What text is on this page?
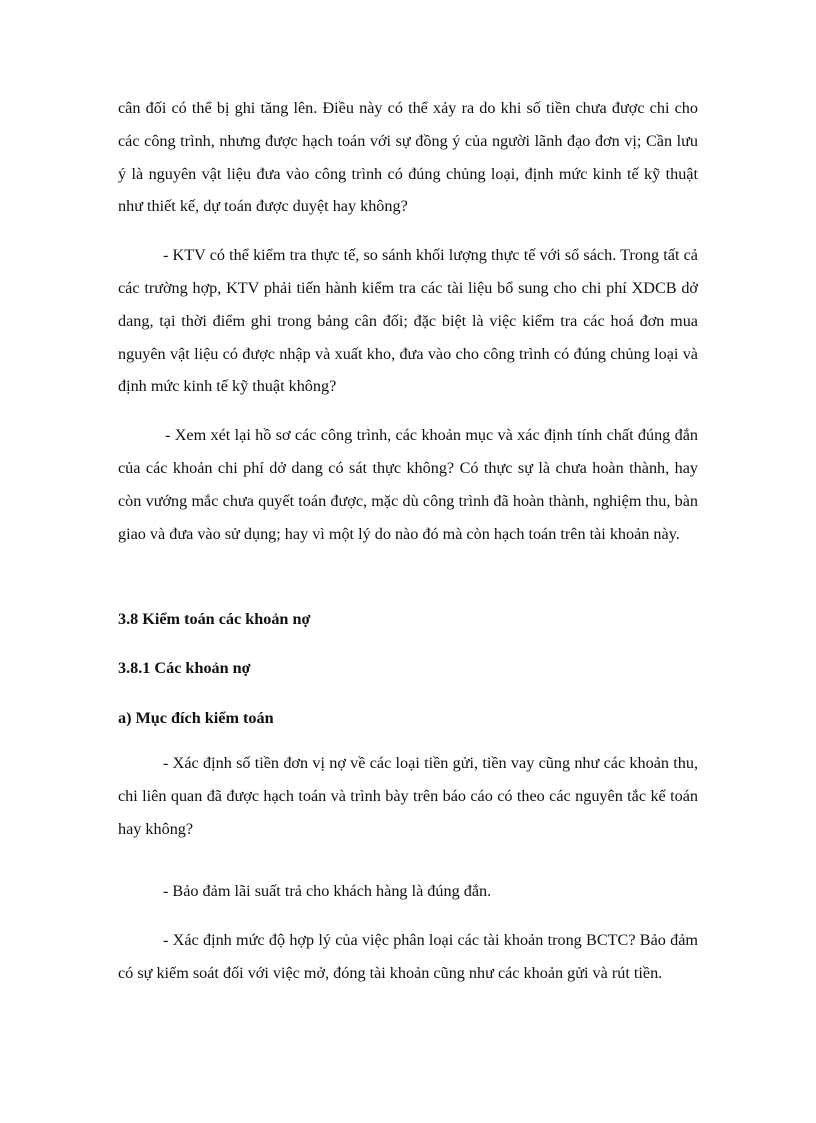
cân đối có thể bị ghi tăng lên. Điều này có thể xảy ra do khi số tiền chưa được chi cho các công trình, nhưng được hạch toán với sự đồng ý của người lãnh đạo đơn vị; Cần lưu ý là nguyên vật liệu đưa vào công trình có đúng chủng loại, định mức kinh tế kỹ thuật như thiết kế, dự toán được duyệt hay không?

- KTV có thể kiểm tra thực tế, so sánh khối lượng thực tế với sổ sách. Trong tất cả các trường hợp, KTV phải tiến hành kiểm tra các tài liệu bổ sung cho chi phí XDCB dở dang, tại thời điểm ghi trong bảng cân đối; đặc biệt là việc kiểm tra các hoá đơn mua nguyên vật liệu có được nhập và xuất kho, đưa vào cho công trình có đúng chủng loại và định mức kinh tế kỹ thuật không?

- Xem xét lại hồ sơ các công trình, các khoản mục và xác định tính chất đúng đắn của các khoản chi phí dở dang có sát thực không? Có thực sự là chưa hoàn thành, hay còn vướng mắc chưa quyết toán được, mặc dù công trình đã hoàn thành, nghiệm thu, bàn giao và đưa vào sử dụng; hay vì một lý do nào đó mà còn hạch toán trên tài khoản này.

3.8 Kiểm toán các khoản nợ

3.8.1 Các khoản nợ

a) Mục đích kiểm toán

- Xác định số tiền đơn vị nợ về các loại tiền gửi, tiền vay cũng như các khoản thu, chi liên quan đã được hạch toán và trình bày trên báo cáo có theo các nguyên tắc kế toán hay không?

- Bảo đảm lãi suất trả cho khách hàng là đúng đắn.

- Xác định mức độ hợp lý của việc phân loại các tài khoản trong BCTC? Bảo đảm có sự kiểm soát đối với việc mở, đóng tài khoản cũng như các khoản gửi và rút tiền.
